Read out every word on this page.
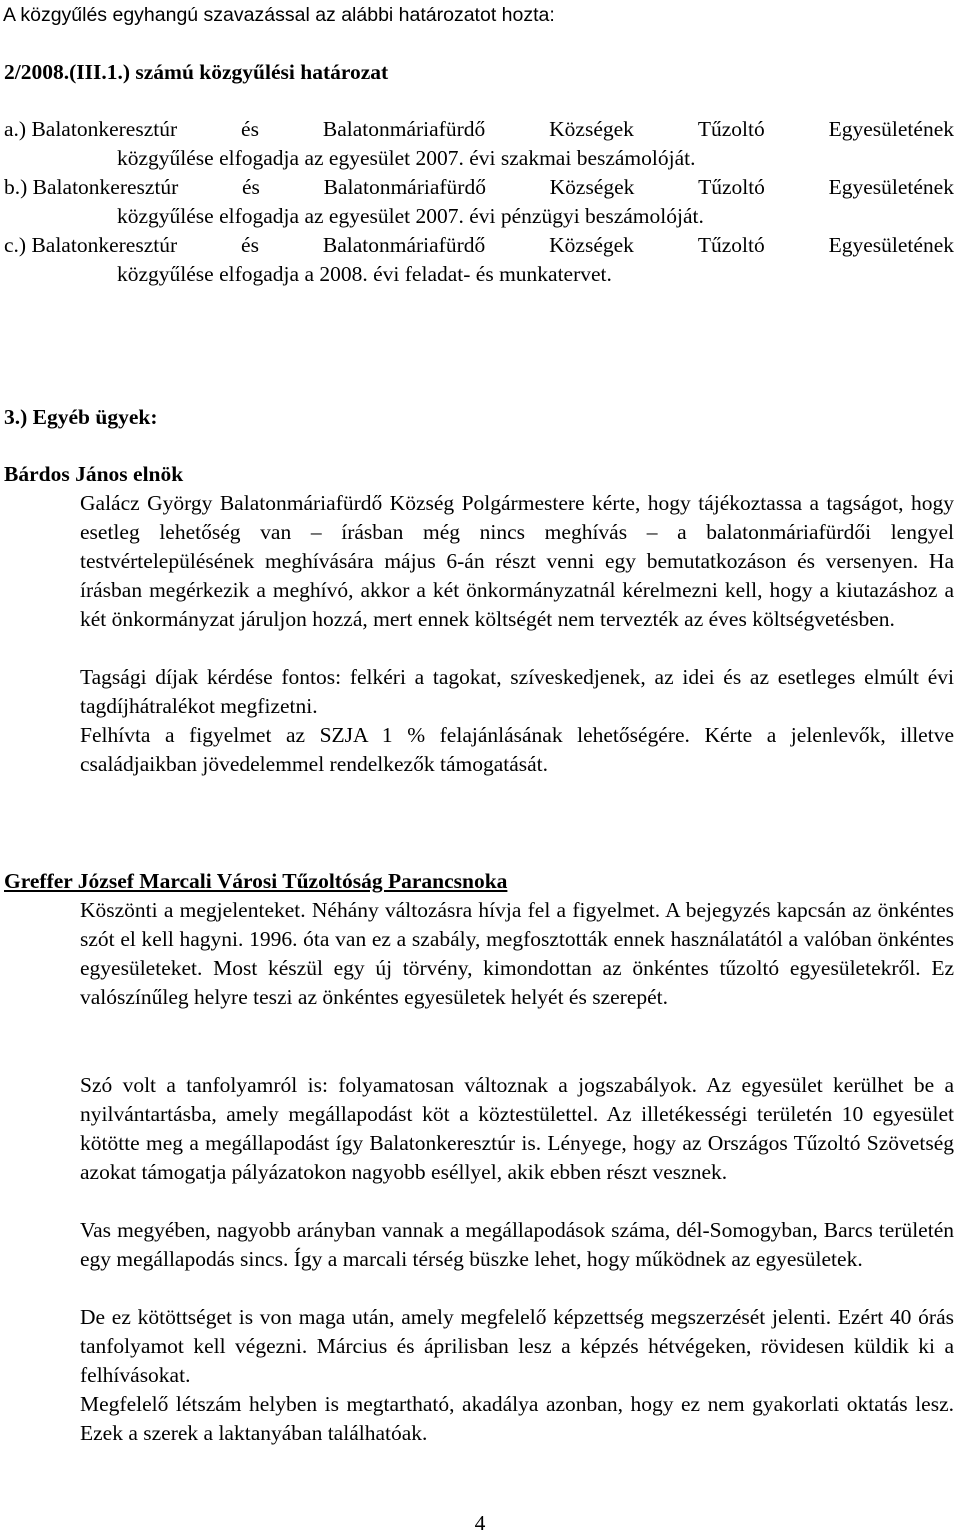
A közgyűlés egyhangú szavazással az alábbi határozatot hozta:
2/2008.(III.1.) számú közgyűlési határozat
a.) Balatonkeresztúr	és	Balatonmáriafürdő	Községek	Tűzoltó	Egyesületének
közgyűlése elfogadja az egyesület 2007. évi szakmai beszámolóját.
b.) Balatonkeresztúr	és	Balatonmáriafürdő	Községek	Tűzoltó	Egyesületének
közgyűlése elfogadja az egyesület 2007. évi pénzügyi beszámolóját.
c.) Balatonkeresztúr	és	Balatonmáriafürdő	Községek	Tűzoltó	Egyesületének
közgyűlése elfogadja a 2008. évi feladat- és munkatervet.
3.) Egyéb ügyek:
Bárdos János elnök
Galácz György Balatonmáriafürdő Község Polgármestere kérte, hogy tájékoztassa a tagságot, hogy esetleg lehetőség van – írásban még nincs meghívás – a balatonmáriafürdői lengyel testvértelepülésének meghívására május 6-án részt venni egy bemutatkozáson és versenyen. Ha írásban megérkezik a meghívó, akkor a két önkormányzatnál kérelmezni kell, hogy a kiutazáshoz a két önkormányzat járuljon hozzá, mert ennek költségét nem tervezték az éves költségvetésben.
Tagsági díjak kérdése fontos: felkéri a tagokat, szíveskedjenek, az idei és az esetleges elmúlt évi tagdíjhátralékot megfizetni.
Felhívta a figyelmet az SZJA 1 % felajánlásának lehetőségére. Kérte a jelenlevők, illetve családjaikban jövedelemmel rendelkezők támogatását.
Greffer József Marcali Városi Tűzoltóság Parancsnoka
Köszönti a megjelenteket. Néhány változásra hívja fel a figyelmet. A bejegyzés kapcsán az önkéntes szót el kell hagyni. 1996. óta van ez a szabály, megfosztották ennek használatától a valóban önkéntes egyesületeket. Most készül egy új törvény, kimondottan az önkéntes tűzoltó egyesületekről. Ez valószínűleg helyre teszi az önkéntes egyesületek helyét és szerepét.
Szó volt a tanfolyamról is: folyamatosan változnak a jogszabályok. Az egyesület kerülhet be a nyilvántartásba, amely megállapodást köt a köztestülettel. Az illetékességi területén 10 egyesület kötötte meg a megállapodást így Balatonkeresztúr is. Lényege, hogy az Országos Tűzoltó Szövetség azokat támogatja pályázatokon nagyobb eséllyel, akik ebben részt vesznek.
Vas megyében, nagyobb arányban vannak a megállapodások száma, dél-Somogyban, Barcs területén egy megállapodás sincs. Így a marcali térség büszke lehet, hogy működnek az egyesületek.
De ez kötöttséget is von maga után, amely megfelelő képzettség megszerzését jelenti. Ezért 40 órás tanfolyamot kell végezni. Március és áprilisban lesz a képzés hétvégeken, rövidesen küldik ki a felhívásokat.
Megfelelő létszám helyben is megtartható, akadálya azonban, hogy ez nem gyakorlati oktatás lesz. Ezek a szerek a laktanyában találhatóak.
4
